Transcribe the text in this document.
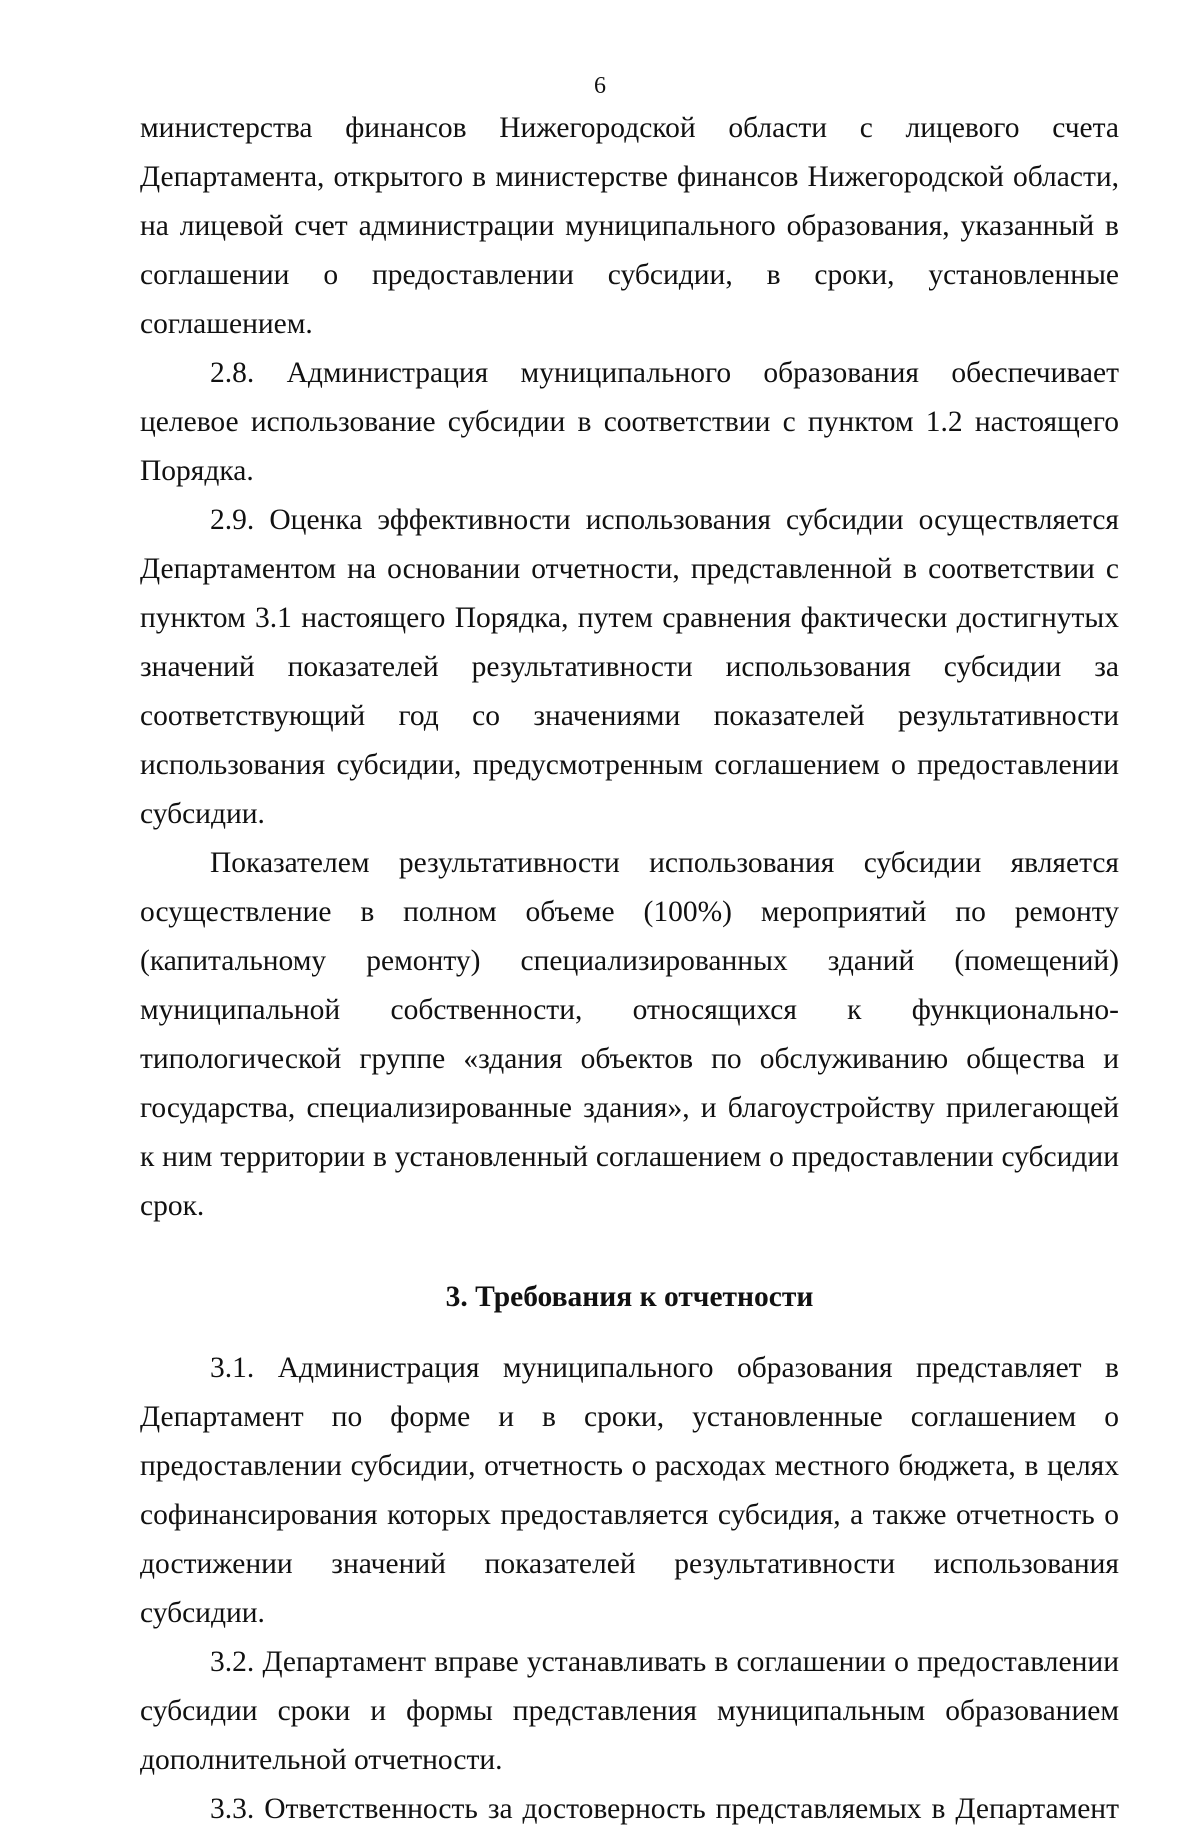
6

министерства финансов Нижегородской области с лицевого счета Департамента, открытого в министерстве финансов Нижегородской области, на лицевой счет администрации муниципального образования, указанный в соглашении о предоставлении субсидии, в сроки, установленные соглашением.

2.8. Администрация муниципального образования обеспечивает целевое использование субсидии в соответствии с пунктом 1.2 настоящего Порядка.

2.9. Оценка эффективности использования субсидии осуществляется Департаментом на основании отчетности, представленной в соответствии с пунктом 3.1 настоящего Порядка, путем сравнения фактически достигнутых значений показателей результативности использования субсидии за соответствующий год со значениями показателей результативности использования субсидии, предусмотренным соглашением о предоставлении субсидии.

Показателем результативности использования субсидии является осуществление в полном объеме (100%) мероприятий по ремонту (капитальному ремонту) специализированных зданий (помещений) муниципальной собственности, относящихся к функционально-типологической группе «здания объектов по обслуживанию общества и государства, специализированные здания», и благоустройству прилегающей к ним территории в установленный соглашением о предоставлении субсидии срок.

3. Требования к отчетности

3.1. Администрация муниципального образования представляет в Департамент по форме и в сроки, установленные соглашением о предоставлении субсидии, отчетность о расходах местного бюджета, в целях софинансирования которых предоставляется субсидия, а также отчетность о достижении значений показателей результативности использования субсидии.

3.2. Департамент вправе устанавливать в соглашении о предоставлении субсидии сроки и формы представления муниципальным образованием дополнительной отчетности.

3.3. Ответственность за достоверность представляемых в Департамент
